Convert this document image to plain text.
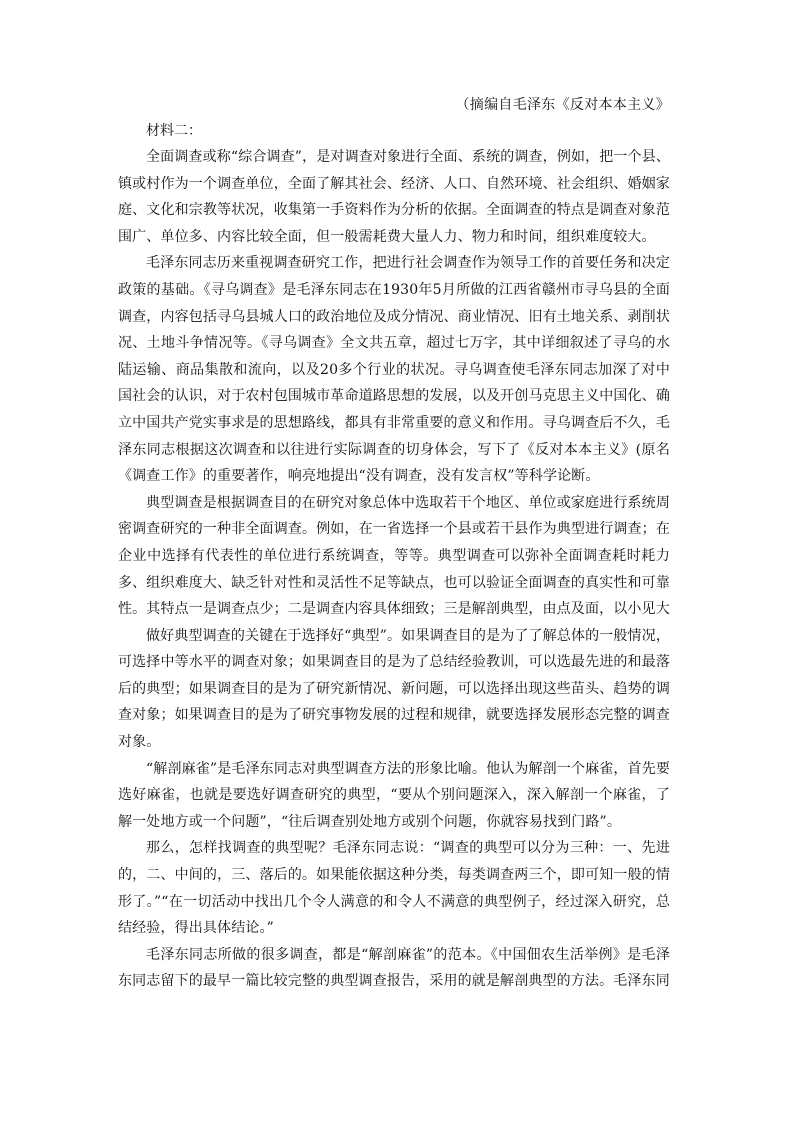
（摘编自毛泽东《反对本本主义》

材料二：

全面调查或称“综合调查”，是对调查对象进行全面、系统的调查，例如，把一个县、镇或村作为一个调查单位，全面了解其社会、经济、人口、自然环境、社会组织、婚姻家庭、文化和宗教等状况，收集第一手资料作为分析的依据。全面调查的特点是调查对象范围广、单位多、内容比较全面，但一般需耗费大量人力、物力和时间，组织难度较大。

毛泽东同志历来重视调查研究工作，把进行社会调查作为领导工作的首要任务和决定政策的基础。《寻乌调查》是毛泽东同志在1930年5月所做的江西省赣州市寻乌县的全面调查，内容包括寻乌县城人口的政治地位及成分情况、商业情况、旧有土地关系、剥削状况、土地斗争情况等。《寻乌调查》全文共五章，超过七万字，其中详细叙述了寻乌的水陆运输、商品集散和流向，以及20多个行业的状况。寻乌调查使毛泽东同志加深了对中国社会的认识，对于农村包围城市革命道路思想的发展，以及开创马克思主义中国化、确立中国共产党实事求是的思想路线，都具有非常重要的意义和作用。寻乌调查后不久，毛泽东同志根据这次调查和以往进行实际调查的切身体会，写下了《反对本本主义》(原名《调查工作》的重要著作，响亮地提出“没有调查，没有发言权”等科学论断。

典型调查是根据调查目的在研究对象总体中选取若干个地区、单位或家庭进行系统周密调查研究的一种非全面调查。例如，在一省选择一个县或若干县作为典型进行调查；在企业中选择有代表性的单位进行系统调查，等等。典型调查可以弥补全面调查耗时耗力多、组织难度大、缺乏针对性和灵活性不足等缺点，也可以验证全面调查的真实性和可靠性。其特点一是调查点少；二是调查内容具体细致；三是解剖典型，由点及面，以小见大

做好典型调查的关键在于选择好“典型”。如果调查目的是为了了解总体的一般情况，可选择中等水平的调查对象；如果调查目的是为了总结经验教训，可以选最先进的和最落后的典型；如果调查目的是为了研究新情况、新问题，可以选择出现这些苗头、趋势的调查对象；如果调查目的是为了研究事物发展的过程和规律，就要选择发展形态完整的调查对象。

“解剖麻雀”是毛泽东同志对典型调查方法的形象比喻。他认为解剖一个麻雀，首先要选好麻雀，也就是要选好调查研究的典型，“要从个别问题深入，深入解剖一个麻雀，了解一处地方或一个问题”，“往后调查别处地方或别个问题，你就容易找到门路”。

那么，怎样找调查的典型呢？毛泽东同志说：“调查的典型可以分为三种：一、先进的，二、中间的，三、落后的。如果能依据这种分类，每类调查两三个，即可知一般的情形了。”“在一切活动中找出几个令人满意的和令人不满意的典型例子，经过深入研究，总结经验，得出具体结论。”

毛泽东同志所做的很多调查，都是“解剖麻雀”的范本。《中国佃农生活举例》是毛泽东同志留下的最早一篇比较完整的典型调查报告，采用的就是解剖典型的方法。毛泽东同
